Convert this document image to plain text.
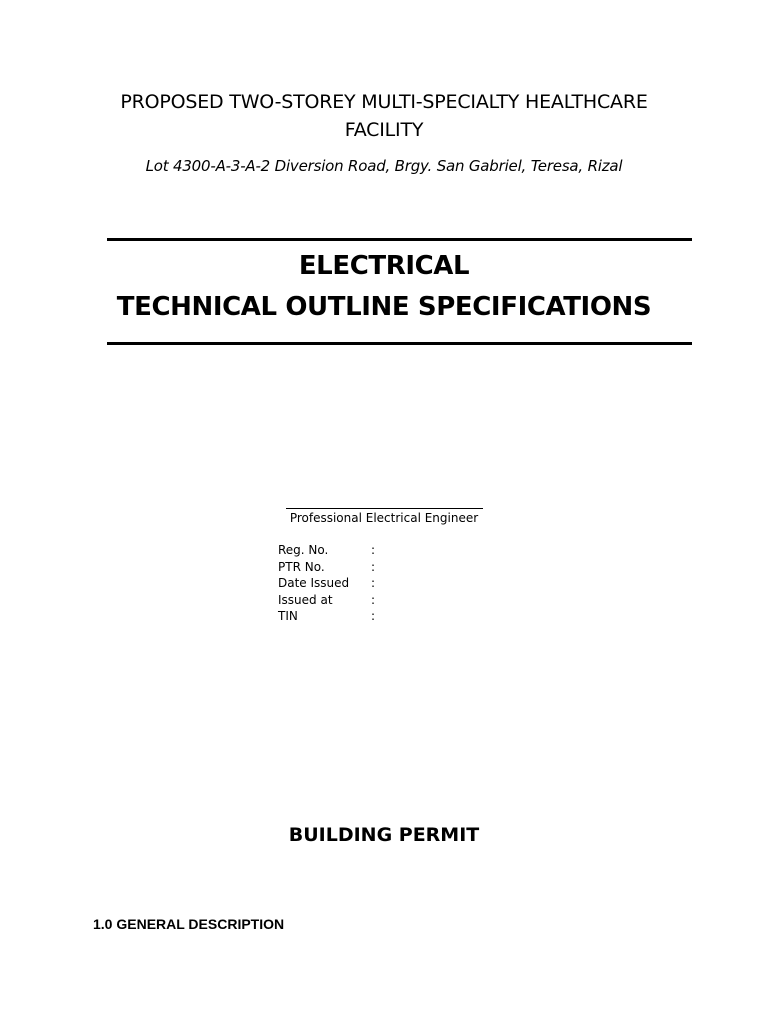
PROPOSED TWO-STOREY MULTI-SPECIALTY HEALTHCARE
FACILITY
Lot 4300-A-3-A-2 Diversion Road, Brgy. San Gabriel, Teresa, Rizal
ELECTRICAL
TECHNICAL OUTLINE SPECIFICATIONS
Professional Electrical Engineer
Reg. No.	:
PTR No.	:
Date Issued	:
Issued at	:
TIN	:
BUILDING PERMIT
1.0 GENERAL DESCRIPTION
